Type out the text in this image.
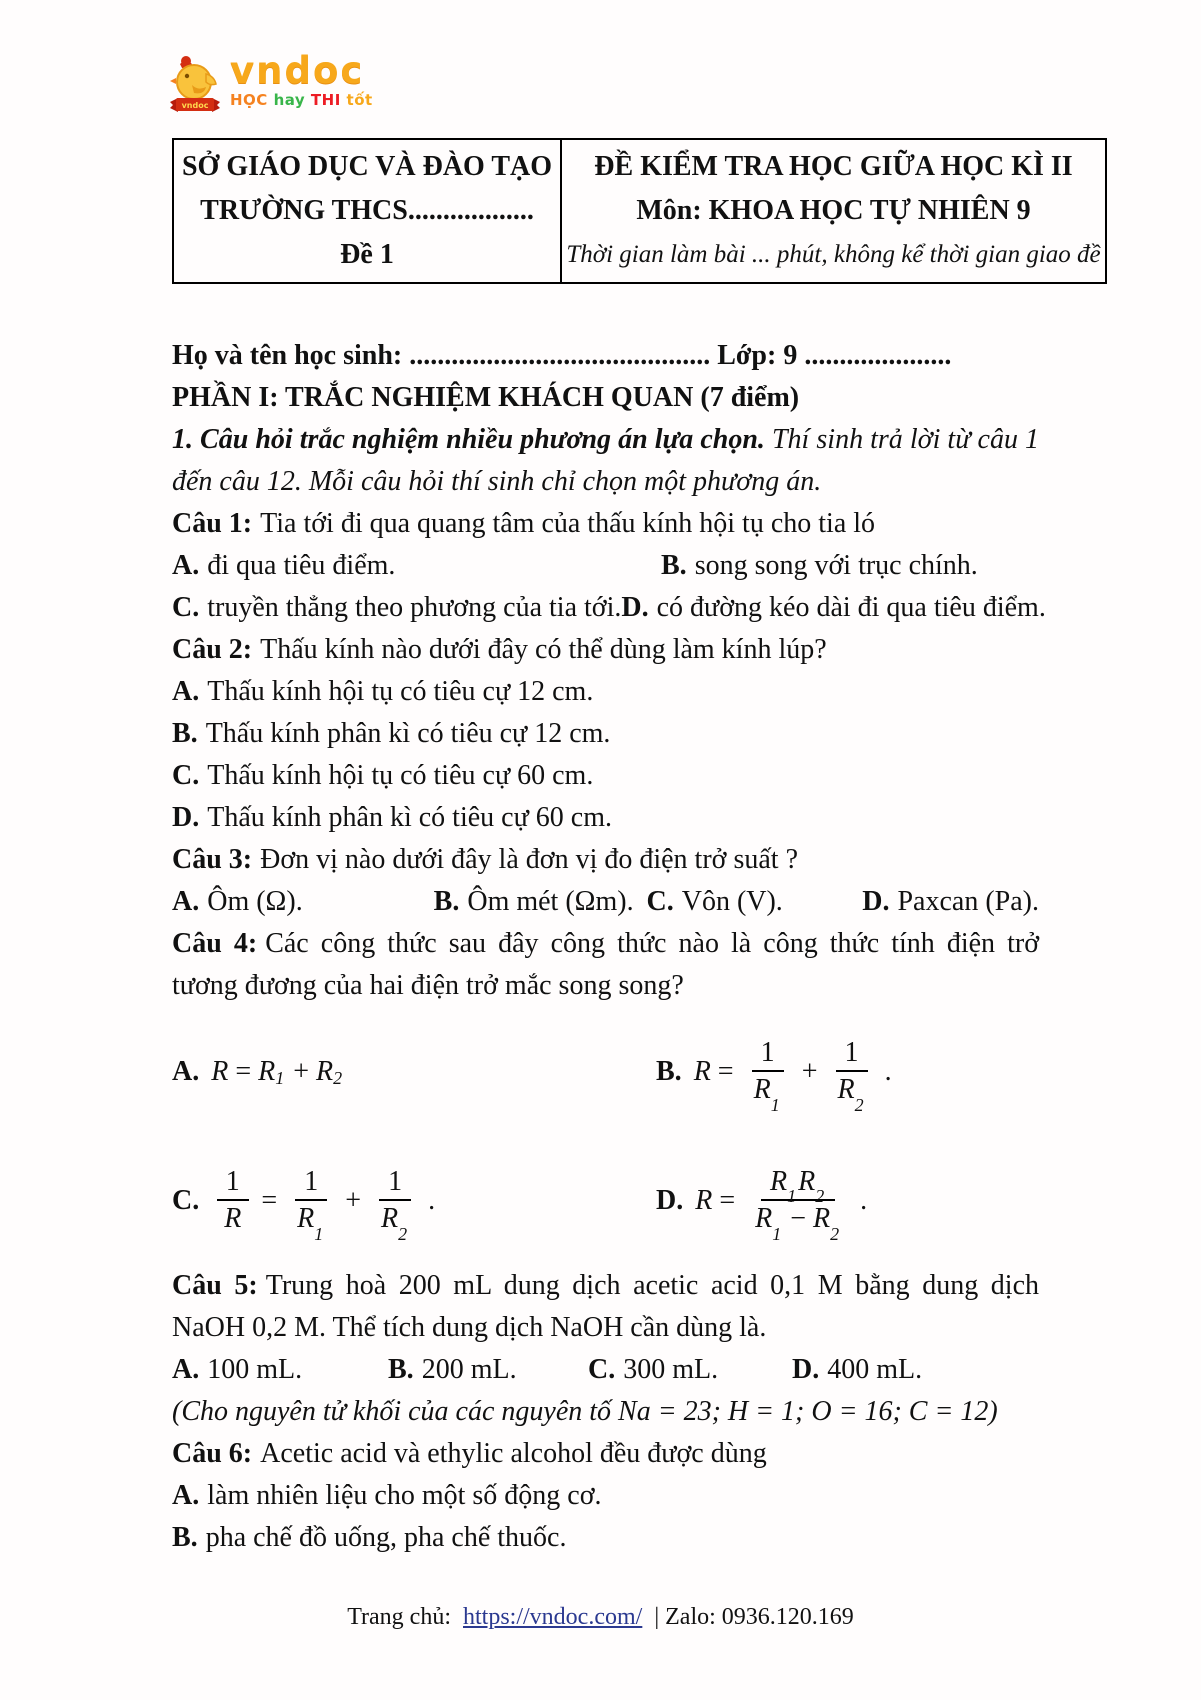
vndoc
vndoc
HỌC hay THI tốt
SỞ GIÁO DỤC VÀ ĐÀO TẠO
TRƯỜNG THCS..................
Đề 1
ĐỀ KIỂM TRA HỌC GIỮA HỌC KÌ II
Môn: KHOA HỌC TỰ NHIÊN 9
Thời gian làm bài ... phút, không kể thời gian giao đề

Họ và tên học sinh: ........................................... Lớp: 9 .....................

PHẦN I: TRẮC NGHIỆM KHÁCH QUAN (7 điểm)

1. Câu hỏi trắc nghiệm nhiều phương án lựa chọn. Thí sinh trả lời từ câu 1 đến câu 12. Mỗi câu hỏi thí sinh chỉ chọn một phương án.

Câu 1: Tia tới đi qua quang tâm của thấu kính hội tụ cho tia ló

A. đi qua tiêu điểm.	B. song song với trục chính.
C. truyền thẳng theo phương của tia tới. D. có đường kéo dài đi qua tiêu điểm.

Câu 2: Thấu kính nào dưới đây có thể dùng làm kính lúp?

A. Thấu kính hội tụ có tiêu cự 12 cm.

B. Thấu kính phân kì có tiêu cự 12 cm.

C. Thấu kính hội tụ có tiêu cự 60 cm.

D. Thấu kính phân kì có tiêu cự 60 cm.

Câu 3: Đơn vị nào dưới đây là đơn vị đo điện trở suất ?

A. Ôm (Ω).	B. Ôm mét (Ωm). C. Vôn (V).	D. Paxcan (Pa).

Câu 4: Các công thức sau đây công thức nào là công thức tính điện trở tương đương của hai điện trở mắc song song?

A. $R = R_1 + R_2$	B. $R = \frac{1}{R_1} + \frac{1}{R_2}$ .
C. $\frac{1}{R} = \frac{1}{R_1} + \frac{1}{R_2}$ .	D. $R = \frac{R_1R_2}{R_1 - R_2}$ .

Câu 5: Trung hoà 200 mL dung dịch acetic acid 0,1 M bằng dung dịch NaOH 0,2 M. Thể tích dung dịch NaOH cần dùng là.

A. 100 mL.	B. 200 mL.	C. 300 mL.	D. 400 mL.

(Cho nguyên tử khối của các nguyên tố Na = 23; H = 1; O = 16; C = 12)

Câu 6: Acetic acid và ethylic alcohol đều được dùng

A. làm nhiên liệu cho một số động cơ.

B. pha chế đồ uống, pha chế thuốc.

Trang chủ: https://vndoc.com/ | Zalo: 0936.120.169
